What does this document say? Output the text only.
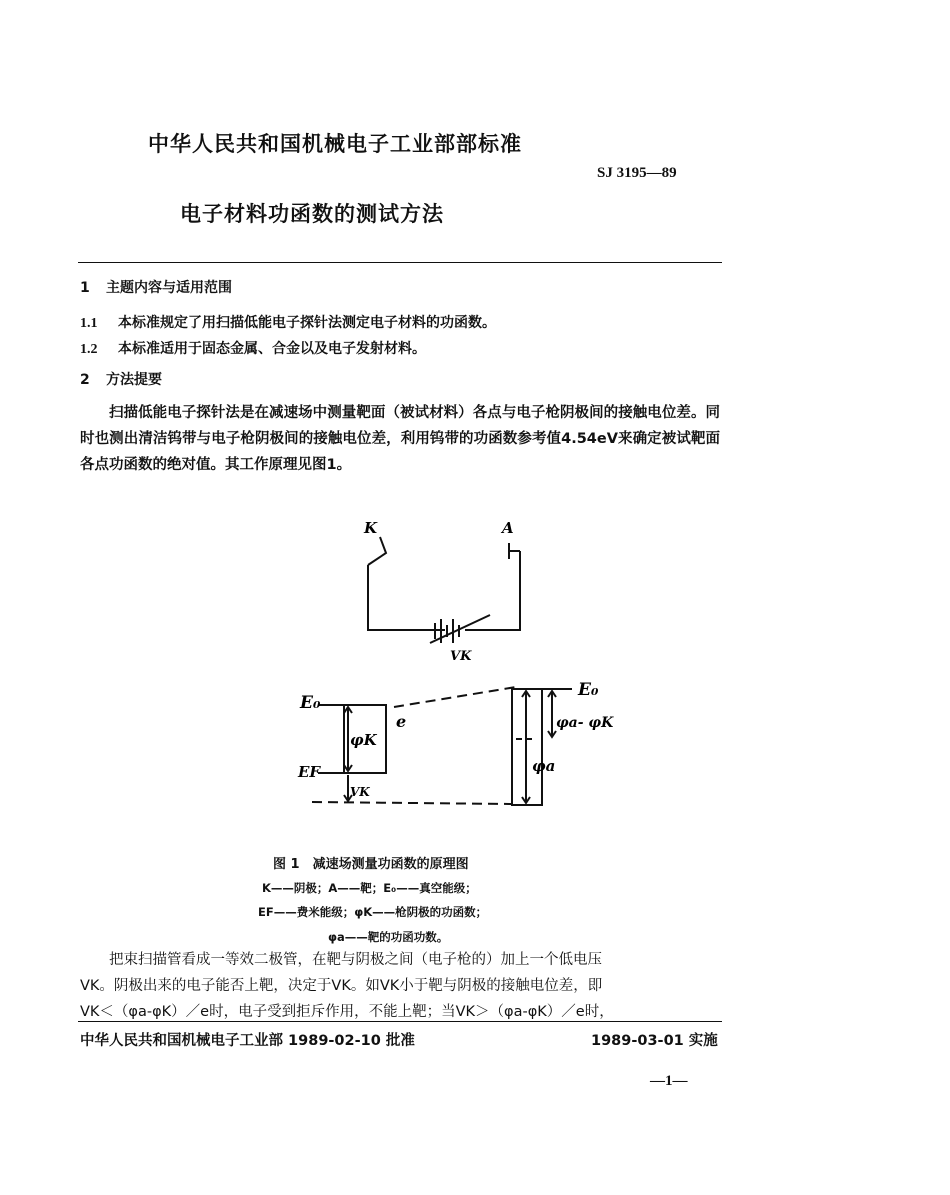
中华人民共和国机械电子工业部部标准
SJ 3195—89
电子材料功函数的测试方法
1 主题内容与适用范围
1.1 本标准规定了用扫描低能电子探针法测定电子材料的功函数。
1.2 本标准适用于固态金属、合金以及电子发射材料。
2 方法提要

扫描低能电子探针法是在减速场中测量靶面（被试材料）各点与电子枪阴极间的接触电位差。同时也测出清洁钨带与电子枪阴极间的接触电位差，利用钨带的功函数参考值4.54eV来确定被试靶面各点功函数的绝对值。其工作原理见图1。

K	A
VK
E₀
EF
φK
e
VK
E₀
φa- φK
φa
图 1　减速场测量功函数的原理图
K——阴极；A——靶；E₀——真空能级；
EF——费米能级；φK——枪阴极的功函数；
φa——靶的功函功数。

把束扫描管看成一等效二极管，在靶与阴极之间（电子枪的）加上一个低电压

VK。阴极出来的电子能否上靶，决定于VK。如VK小于靶与阴极的接触电位差，即

VK＜（φa-φK）／e时，电子受到拒斥作用，不能上靶；当VK＞（φa-φK）／e时，

中华人民共和国机械电子工业部 1989-02-10 批准	1989-03-01 实施
—1—
